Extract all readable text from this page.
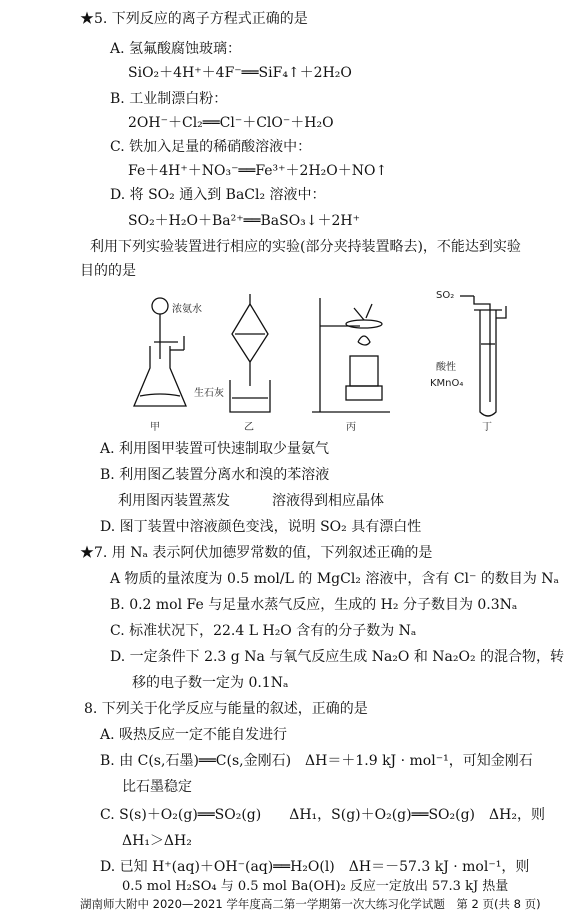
★5. 下列反应的离子方程式正确的是
A. 氢氟酸腐蚀玻璃：
SiO₂＋4H⁺＋4F⁻══SiF₄↑＋2H₂O
B. 工业制漂白粉：
2OH⁻＋Cl₂══Cl⁻＋ClO⁻＋H₂O
C. 铁加入足量的稀硝酸溶液中：
Fe＋4H⁺＋NO₃⁻══Fe³⁺＋2H₂O＋NO↑
D. 将 SO₂ 通入到 BaCl₂ 溶液中：
SO₂＋H₂O＋Ba²⁺══BaSO₃↓＋2H⁺
利用下列实验装置进行相应的实验(部分夹持装置略去)，不能达到实验
目的的是
浓氨水
生石灰
SO₂
酸性
KMnO₄
甲	乙	丙	丁
A. 利用图甲装置可快速制取少量氨气
B. 利用图乙装置分离水和溴的苯溶液
利用图丙装置蒸发　　　溶液得到相应晶体
D. 图丁装置中溶液颜色变浅，说明 SO₂ 具有漂白性
★7. 用 Nₐ 表示阿伏加德罗常数的值，下列叙述正确的是
A 物质的量浓度为 0.5 mol/L 的 MgCl₂ 溶液中，含有 Cl⁻ 的数目为 Nₐ
B. 0.2 mol Fe 与足量水蒸气反应，生成的 H₂ 分子数目为 0.3Nₐ
C. 标准状况下，22.4 L H₂O 含有的分子数为 Nₐ
D. 一定条件下 2.3 g Na 与氧气反应生成 Na₂O 和 Na₂O₂ 的混合物，转
移的电子数一定为 0.1Nₐ
8. 下列关于化学反应与能量的叙述，正确的是
A. 吸热反应一定不能自发进行
B. 由 C(s,石墨)══C(s,金刚石)　ΔH＝＋1.9 kJ · mol⁻¹，可知金刚石
比石墨稳定
C. S(s)＋O₂(g)══SO₂(g)　　ΔH₁，S(g)＋O₂(g)══SO₂(g)　ΔH₂，则
ΔH₁＞ΔH₂
D. 已知 H⁺(aq)＋OH⁻(aq)══H₂O(l)　ΔH＝－57.3 kJ · mol⁻¹，则
0.5 mol H₂SO₄ 与 0.5 mol Ba(OH)₂ 反应一定放出 57.3 kJ 热量
湖南师大附中 2020—2021 学年度高二第一学期第一次大练习化学试题　第 2 页(共 8 页)
